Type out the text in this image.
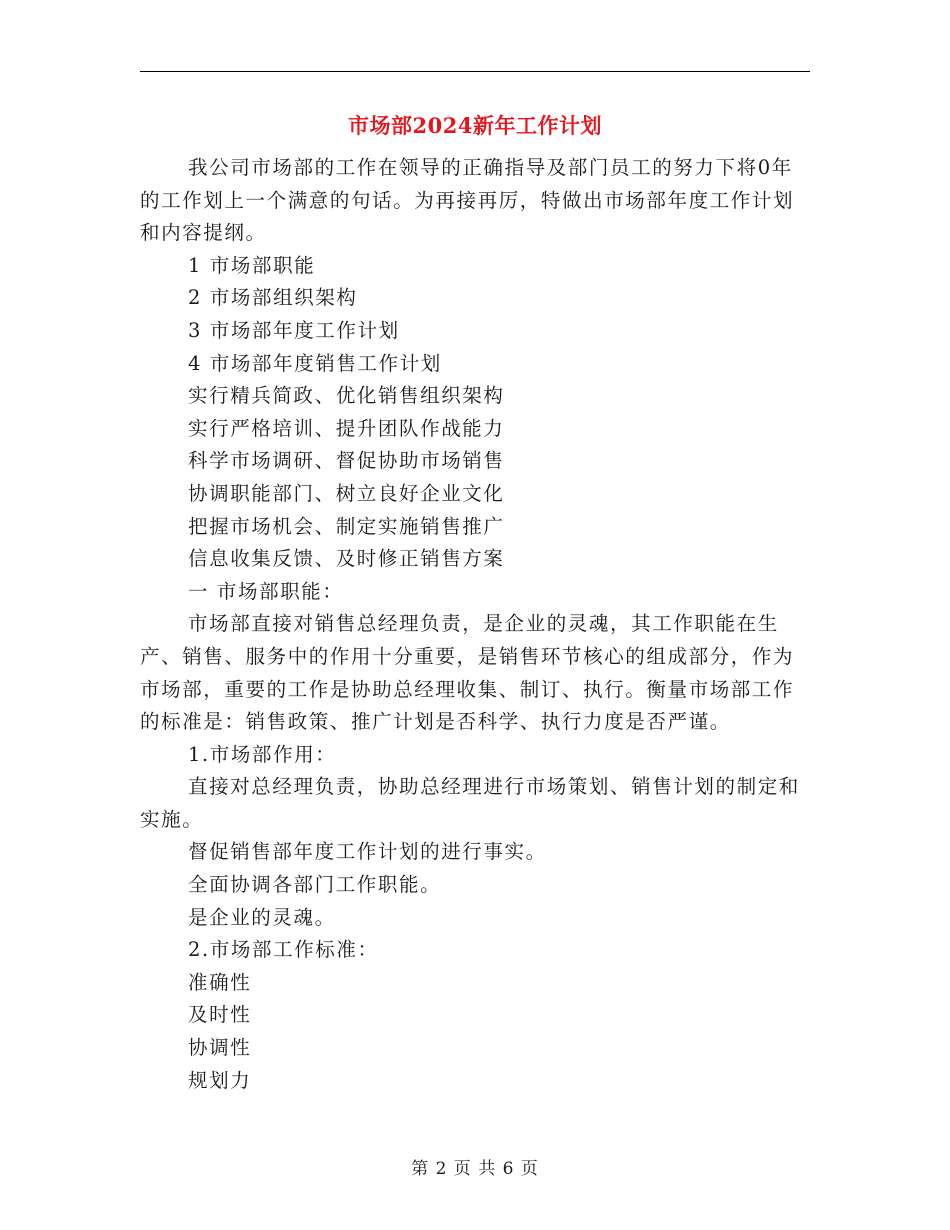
市场部2024新年工作计划

我公司市场部的工作在领导的正确指导及部门员工的努力下将0年的工作划上一个满意的句话。为再接再厉，特做出市场部年度工作计划和内容提纲。

1 市场部职能

2 市场部组织架构

3 市场部年度工作计划

4 市场部年度销售工作计划

实行精兵简政、优化销售组织架构

实行严格培训、提升团队作战能力

科学市场调研、督促协助市场销售

协调职能部门、树立良好企业文化

把握市场机会、制定实施销售推广

信息收集反馈、及时修正销售方案

一 市场部职能：

市场部直接对销售总经理负责，是企业的灵魂，其工作职能在生产、销售、服务中的作用十分重要，是销售环节核心的组成部分，作为市场部，重要的工作是协助总经理收集、制订、执行。衡量市场部工作的标准是：销售政策、推广计划是否科学、执行力度是否严谨。

1.市场部作用：

直接对总经理负责，协助总经理进行市场策划、销售计划的制定和实施。

督促销售部年度工作计划的进行事实。

全面协调各部门工作职能。

是企业的灵魂。

2.市场部工作标准：

准确性

及时性

协调性

规划力

第 2 页 共 6 页
